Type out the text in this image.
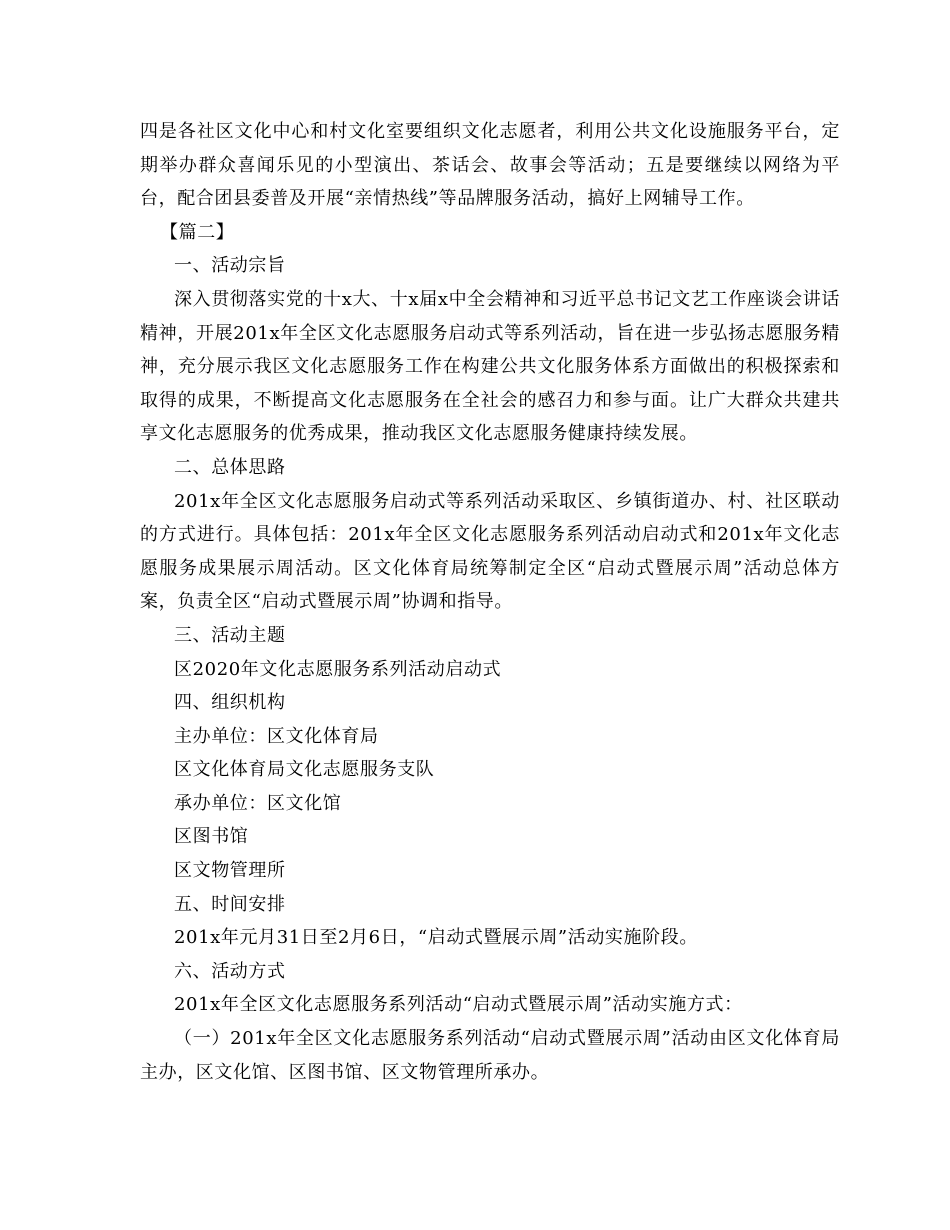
四是各社区文化中心和村文化室要组织文化志愿者，利用公共文化设施服务平台，定期举办群众喜闻乐见的小型演出、茶话会、故事会等活动；五是要继续以网络为平台，配合团县委普及开展“亲情热线”等品牌服务活动，搞好上网辅导工作。

【篇二】

一、活动宗旨

深入贯彻落实党的十x大、十x届x中全会精神和习近平总书记文艺工作座谈会讲话精神，开展201x年全区文化志愿服务启动式等系列活动，旨在进一步弘扬志愿服务精神，充分展示我区文化志愿服务工作在构建公共文化服务体系方面做出的积极探索和取得的成果，不断提高文化志愿服务在全社会的感召力和参与面。让广大群众共建共享文化志愿服务的优秀成果，推动我区文化志愿服务健康持续发展。

二、总体思路

201x年全区文化志愿服务启动式等系列活动采取区、乡镇街道办、村、社区联动的方式进行。具体包括：201x年全区文化志愿服务系列活动启动式和201x年文化志愿服务成果展示周活动。区文化体育局统筹制定全区“启动式暨展示周”活动总体方案，负责全区“启动式暨展示周”协调和指导。

三、活动主题

区2020年文化志愿服务系列活动启动式

四、组织机构

主办单位：区文化体育局

区文化体育局文化志愿服务支队

承办单位：区文化馆

区图书馆

区文物管理所

五、时间安排

201x年元月31日至2月6日，“启动式暨展示周”活动实施阶段。

六、活动方式

201x年全区文化志愿服务系列活动“启动式暨展示周”活动实施方式：

（一）201x年全区文化志愿服务系列活动“启动式暨展示周”活动由区文化体育局主办，区文化馆、区图书馆、区文物管理所承办。
